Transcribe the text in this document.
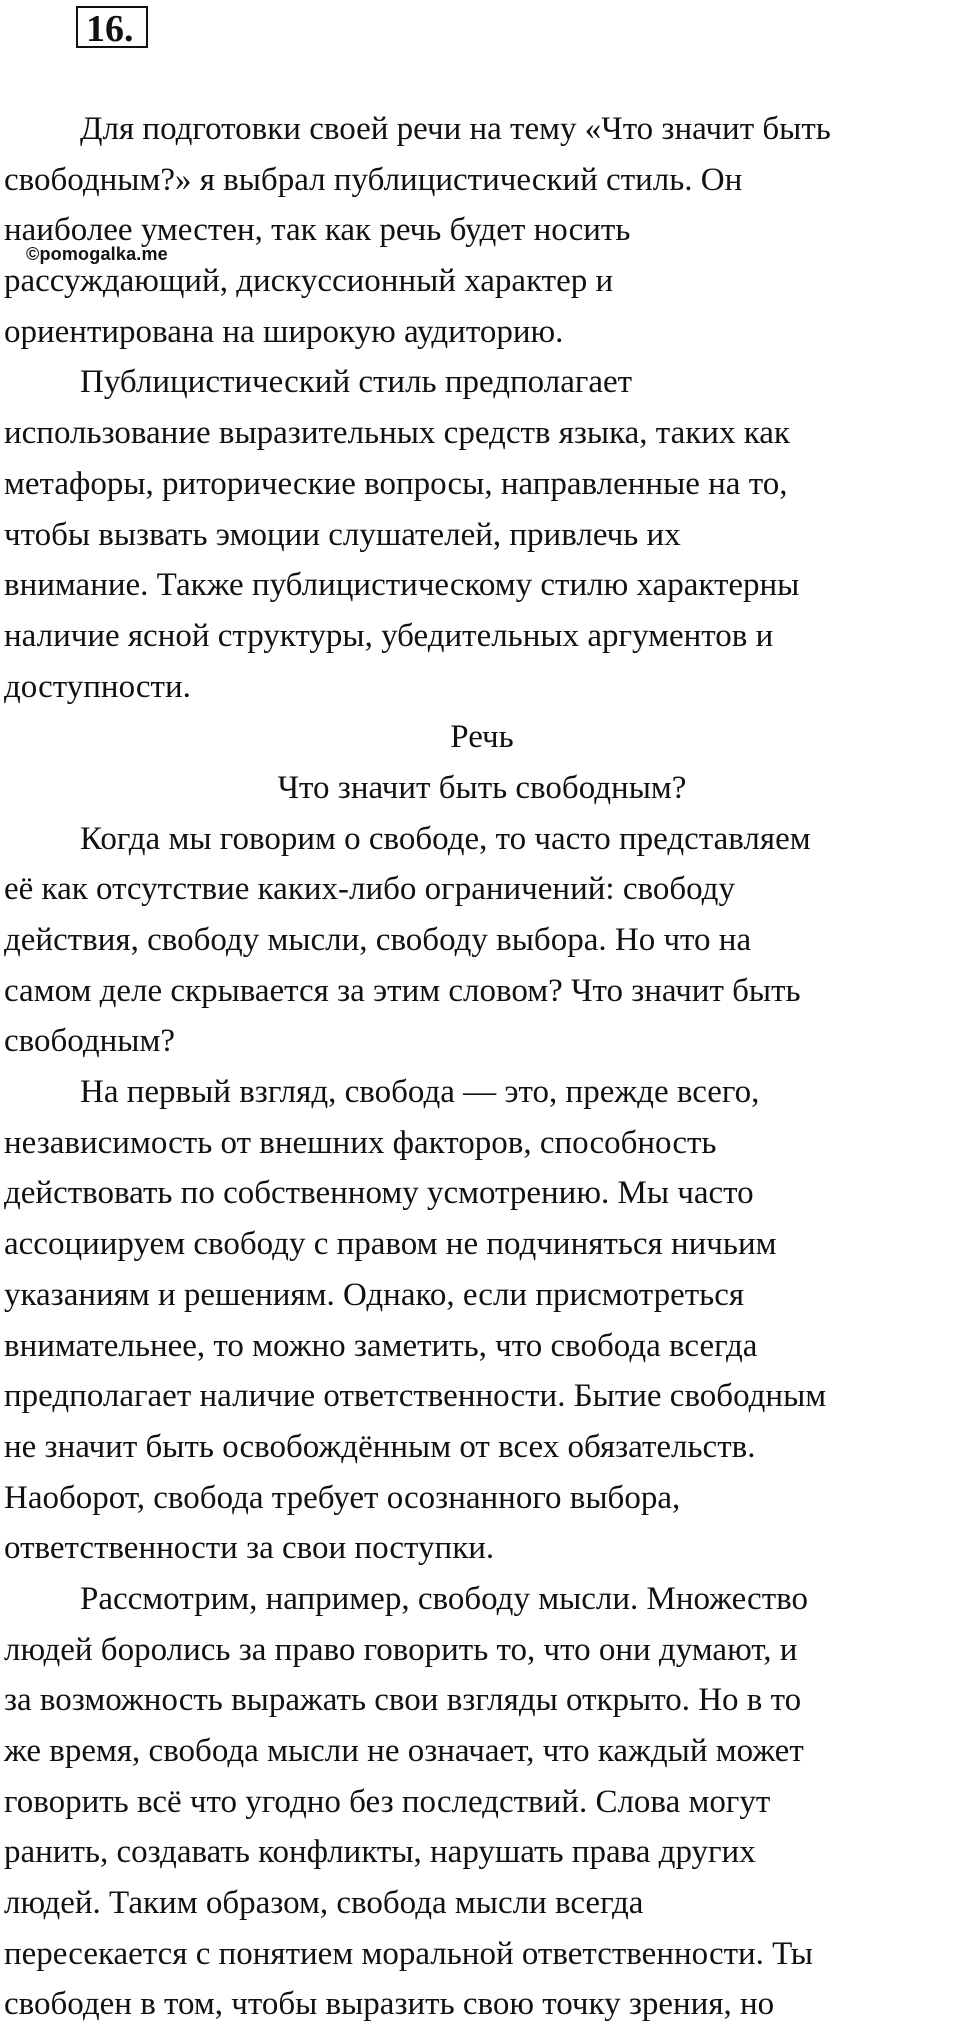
16.
©pomogalka.me
Для подготовки своей речи на тему «Что значит быть
свободным?» я выбрал публицистический стиль. Он
наиболее уместен, так как речь будет носить
рассуждающий, дискуссионный характер и
ориентирована на широкую аудиторию.
Публицистический стиль предполагает
использование выразительных средств языка, таких как
метафоры, риторические вопросы, направленные на то,
чтобы вызвать эмоции слушателей, привлечь их
внимание. Также публицистическому стилю характерны
наличие ясной структуры, убедительных аргументов и
доступности.
Речь
Что значит быть свободным?
Когда мы говорим о свободе, то часто представляем
её как отсутствие каких-либо ограничений: свободу
действия, свободу мысли, свободу выбора. Но что на
самом деле скрывается за этим словом? Что значит быть
свободным?
На первый взгляд, свобода — это, прежде всего,
независимость от внешних факторов, способность
действовать по собственному усмотрению. Мы часто
ассоциируем свободу с правом не подчиняться ничьим
указаниям и решениям. Однако, если присмотреться
внимательнее, то можно заметить, что свобода всегда
предполагает наличие ответственности. Бытие свободным
не значит быть освобождённым от всех обязательств.
Наоборот, свобода требует осознанного выбора,
ответственности за свои поступки.
Рассмотрим, например, свободу мысли. Множество
людей боролись за право говорить то, что они думают, и
за возможность выражать свои взгляды открыто. Но в то
же время, свобода мысли не означает, что каждый может
говорить всё что угодно без последствий. Слова могут
ранить, создавать конфликты, нарушать права других
людей. Таким образом, свобода мысли всегда
пересекается с понятием моральной ответственности. Ты
свободен в том, чтобы выразить свою точку зрения, но
